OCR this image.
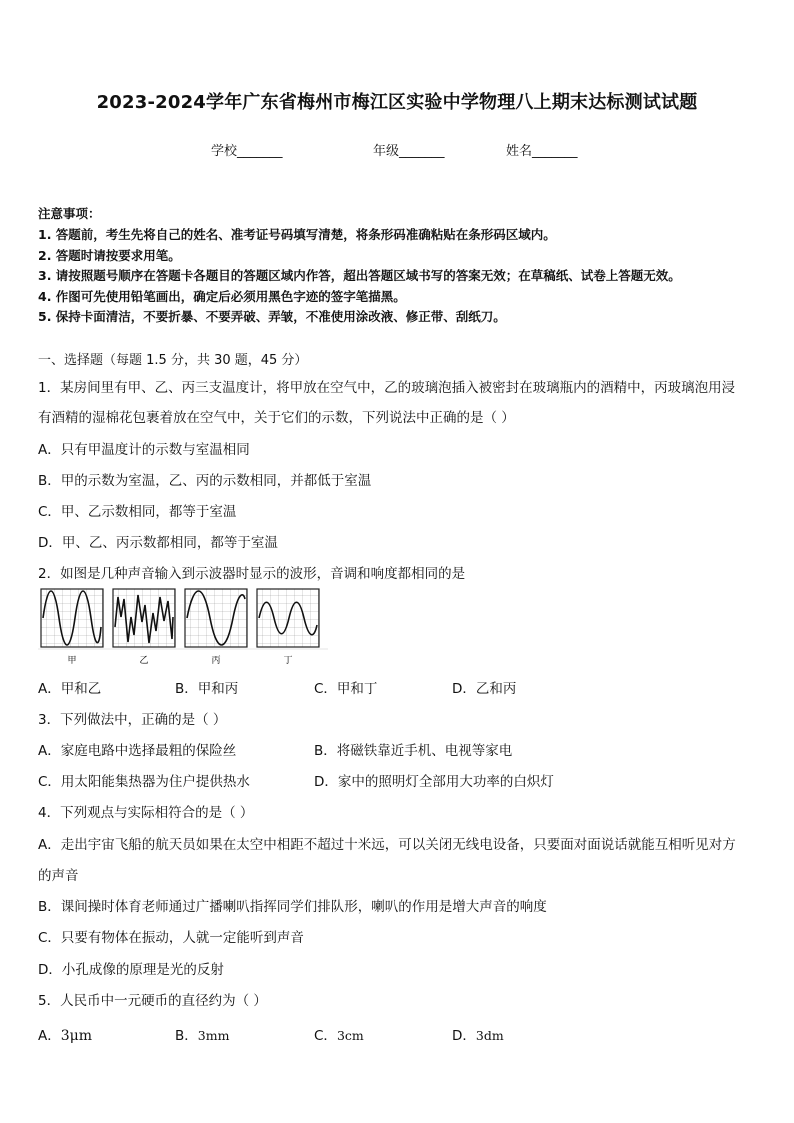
2023-2024学年广东省梅州市梅江区实验中学物理八上期末达标测试试题
学校_______	年级_______	姓名_______
注意事项：
1. 答题前，考生先将自己的姓名、准考证号码填写清楚，将条形码准确粘贴在条形码区域内。
2. 答题时请按要求用笔。
3. 请按照题号顺序在答题卡各题目的答题区域内作答，超出答题区域书写的答案无效；在草稿纸、试卷上答题无效。
4. 作图可先使用铅笔画出，确定后必须用黑色字迹的签字笔描黑。
5. 保持卡面清洁，不要折暴、不要弄破、弄皱，不准使用涂改液、修正带、刮纸刀。
一、选择题（每题 1.5 分，共 30 题，45 分）
1．某房间里有甲、乙、丙三支温度计，将甲放在空气中，乙的玻璃泡插入被密封在玻璃瓶内的酒精中，丙玻璃泡用浸
有酒精的湿棉花包裹着放在空气中，关于它们的示数，下列说法中正确的是（ ）
A．只有甲温度计的示数与室温相同
B．甲的示数为室温，乙、丙的示数相同，并都低于室温
C．甲、乙示数相同，都等于室温
D．甲、乙、丙示数都相同，都等于室温
2．如图是几种声音输入到示波器时显示的波形，音调和响度都相同的是
甲	乙	丙	丁
A．甲和乙	B．甲和丙	C．甲和丁	D．乙和丙
3．下列做法中，正确的是（ ）
A．家庭电路中选择最粗的保险丝	B．将磁铁靠近手机、电视等家电
C．用太阳能集热器为住户提供热水	D．家中的照明灯全部用大功率的白炽灯
4．下列观点与实际相符合的是（ ）
A．走出宇宙飞船的航天员如果在太空中相距不超过十米远，可以关闭无线电设备，只要面对面说话就能互相听见对方
的声音
B．课间操时体育老师通过广播喇叭指挥同学们排队形，喇叭的作用是增大声音的响度
C．只要有物体在振动，人就一定能听到声音
D．小孔成像的原理是光的反射
5．人民币中一元硬币的直径约为（ ）
A．3μm	B．3mm	C．3cm	D．3dm
